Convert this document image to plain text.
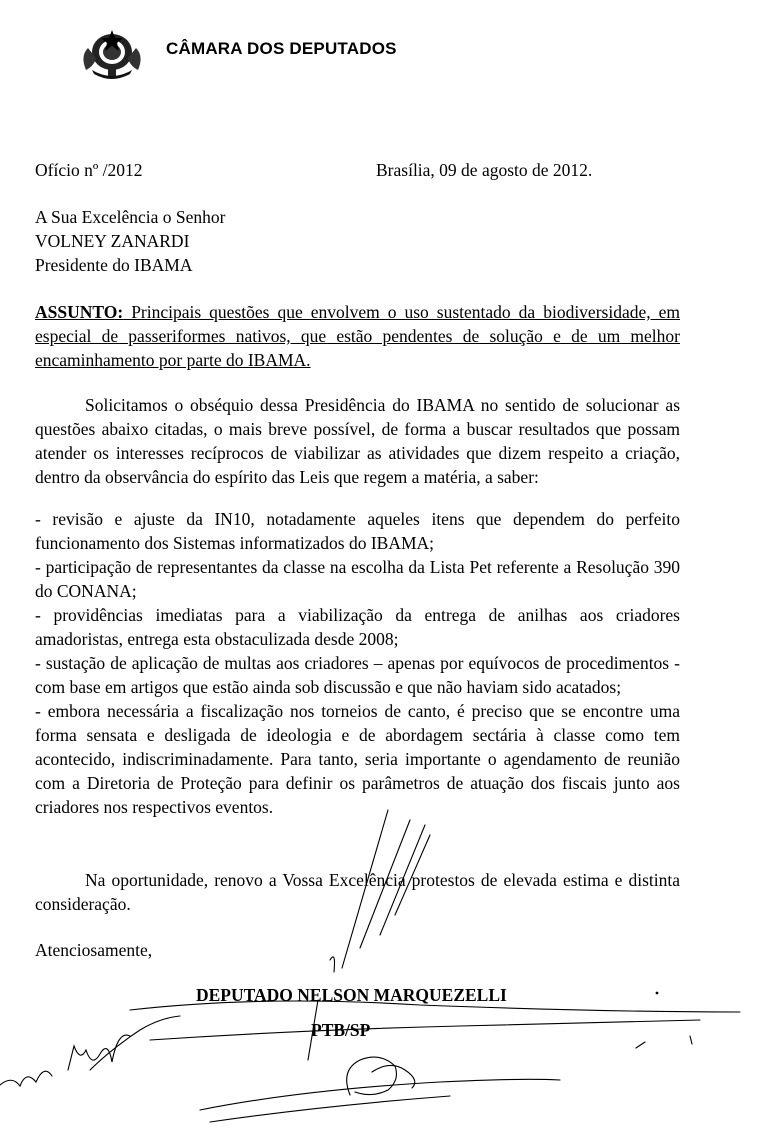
CÂMARA DOS DEPUTADOS
Ofício nº /2012	Brasília, 09 de agosto de 2012.
A Sua Excelência o Senhor
VOLNEY ZANARDI
Presidente do IBAMA
ASSUNTO: Principais questões que envolvem o uso sustentado da biodiversidade, em especial de passeriformes nativos, que estão pendentes de solução e de um melhor encaminhamento por parte do IBAMA.
Solicitamos o obséquio dessa Presidência do IBAMA no sentido de solucionar as questões abaixo citadas, o mais breve possível, de forma a buscar resultados que possam atender os interesses recíprocos de viabilizar as atividades que dizem respeito a criação, dentro da observância do espírito das Leis que regem a matéria, a saber:

- revisão e ajuste da IN10, notadamente aqueles itens que dependem do perfeito funcionamento dos Sistemas informatizados do IBAMA;

- participação de representantes da classe na escolha da Lista Pet referente a Resolução 390 do CONANA;

- providências imediatas para a viabilização da entrega de anilhas aos criadores amadoristas, entrega esta obstaculizada desde 2008;

- sustação de aplicação de multas aos criadores – apenas por equívocos de procedimentos - com base em artigos que estão ainda sob discussão e que não haviam sido acatados;

- embora necessária a fiscalização nos torneios de canto, é preciso que se encontre uma forma sensata e desligada de ideologia e de abordagem sectária à classe como tem acontecido, indiscriminadamente. Para tanto, seria importante o agendamento de reunião com a Diretoria de Proteção para definir os parâmetros de atuação dos fiscais junto aos criadores nos respectivos eventos.

Na oportunidade, renovo a Vossa Excelência protestos de elevada estima e distinta consideração.
Atenciosamente,
DEPUTADO NELSON MARQUEZELLI
PTB/SP
